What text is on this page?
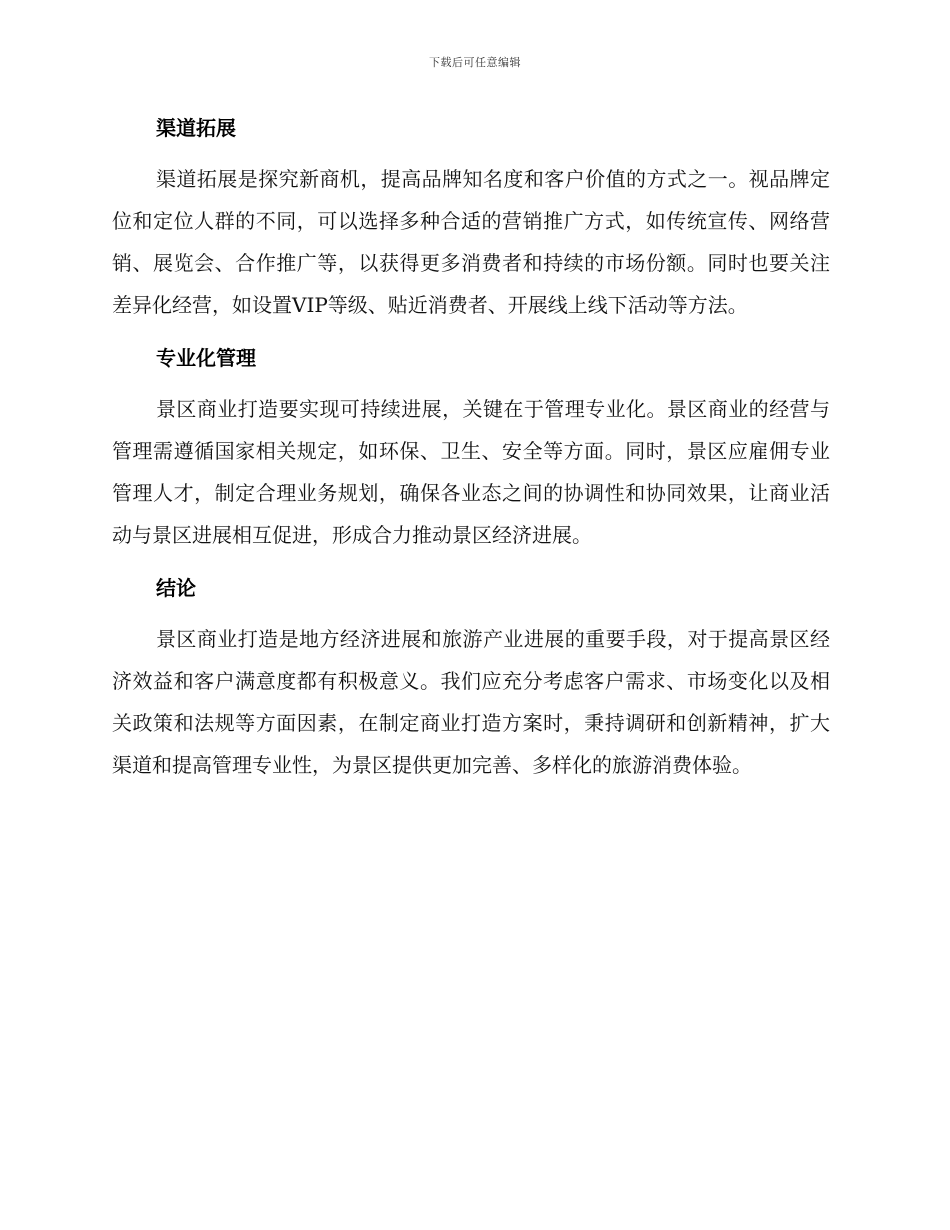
下载后可任意编辑
渠道拓展

渠道拓展是探究新商机，提高品牌知名度和客户价值的方式之一。视品牌定位和定位人群的不同，可以选择多种合适的营销推广方式，如传统宣传、网络营销、展览会、合作推广等，以获得更多消费者和持续的市场份额。同时也要关注差异化经营，如设置VIP等级、贴近消费者、开展线上线下活动等方法。

专业化管理

景区商业打造要实现可持续进展，关键在于管理专业化。景区商业的经营与管理需遵循国家相关规定，如环保、卫生、安全等方面。同时，景区应雇佣专业管理人才，制定合理业务规划，确保各业态之间的协调性和协同效果，让商业活动与景区进展相互促进，形成合力推动景区经济进展。

结论

景区商业打造是地方经济进展和旅游产业进展的重要手段，对于提高景区经济效益和客户满意度都有积极意义。我们应充分考虑客户需求、市场变化以及相关政策和法规等方面因素，在制定商业打造方案时，秉持调研和创新精神，扩大渠道和提高管理专业性，为景区提供更加完善、多样化的旅游消费体验。
